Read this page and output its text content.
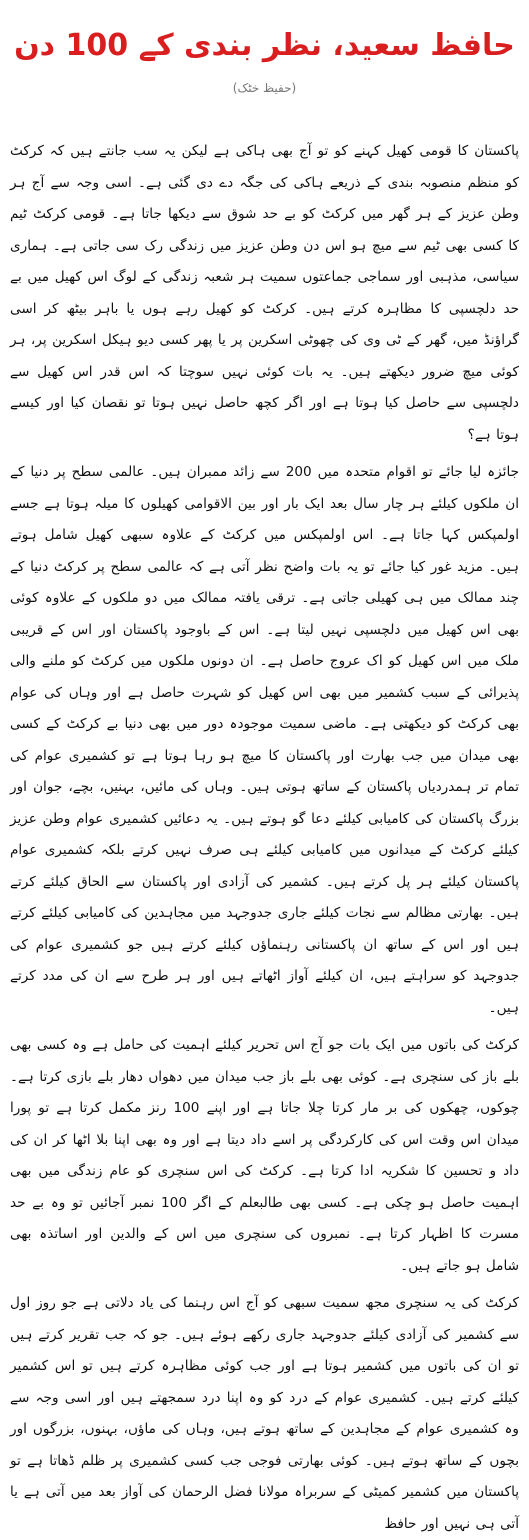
حافظ سعید، نظر بندی کے 100 دن
(حفیظ خٹک)

پاکستان کا قومی کھیل کہنے کو تو آج بھی ہاکی ہے لیکن یہ سب جانتے ہیں کہ کرکٹ کو منظم منصوبہ بندی کے ذریعے ہاکی کی جگہ دے دی گئی ہے۔ اسی وجہ سے آج ہر وطن عزیز کے ہر گھر میں کرکٹ کو بے حد شوق سے دیکھا جاتا ہے۔ قومی کرکٹ ٹیم کا کسی بھی ٹیم سے میچ ہو اس دن وطن عزیز میں زندگی رک سی جاتی ہے۔ ہماری سیاسی، مذہبی اور سماجی جماعتوں سمیت ہر شعبہ زندگی کے لوگ اس کھیل میں بے حد دلچسپی کا مظاہرہ کرتے ہیں۔ کرکٹ کو کھیل رہے ہوں یا باہر بیٹھ کر اسی گراؤنڈ میں، گھر کے ٹی وی کی چھوٹی اسکرین پر یا پھر کسی دیو ہیکل اسکرین پر، ہر کوئی میچ ضرور دیکھتے ہیں۔ یہ بات کوئی نہیں سوچتا کہ اس قدر اس کھیل سے دلچسپی سے حاصل کیا ہوتا ہے اور اگر کچھ حاصل نہیں ہوتا تو نقصان کیا اور کیسے ہوتا ہے؟

جائزہ لیا جائے تو اقوام متحدہ میں 200 سے زائد ممبران ہیں۔ عالمی سطح پر دنیا کے ان ملکوں کیلئے ہر چار سال بعد ایک بار اور بین الاقوامی کھیلوں کا میلہ ہوتا ہے جسے اولمپکس کہا جاتا ہے۔ اس اولمپکس میں کرکٹ کے علاوہ سبھی کھیل شامل ہوتے ہیں۔ مزید غور کیا جائے تو یہ بات واضح نظر آتی ہے کہ عالمی سطح پر کرکٹ دنیا کے چند ممالک میں ہی کھیلی جاتی ہے۔ ترقی یافتہ ممالک میں دو ملکوں کے علاوہ کوئی بھی اس کھیل میں دلچسپی نہیں لیتا ہے۔ اس کے باوجود پاکستان اور اس کے قریبی ملک میں اس کھیل کو اک عروج حاصل ہے۔ ان دونوں ملکوں میں کرکٹ کو ملنے والی پذیرائی کے سبب کشمیر میں بھی اس کھیل کو شہرت حاصل ہے اور وہاں کی عوام بھی کرکٹ کو دیکھتی ہے۔ ماضی سمیت موجودہ دور میں بھی دنیا بے کرکٹ کے کسی بھی میدان میں جب بھارت اور پاکستان کا میچ ہو رہا ہوتا ہے تو کشمیری عوام کی تمام تر ہمدردیاں پاکستان کے ساتھ ہوتی ہیں۔ وہاں کی مائیں، بہنیں، بچے، جوان اور بزرگ پاکستان کی کامیابی کیلئے دعا گو ہوتے ہیں۔ یہ دعائیں کشمیری عوام وطن عزیز کیلئے کرکٹ کے میدانوں میں کامیابی کیلئے ہی صرف نہیں کرتے بلکہ کشمیری عوام پاکستان کیلئے ہر پل کرتے ہیں۔ کشمیر کی آزادی اور پاکستان سے الحاق کیلئے کرتے ہیں۔ بھارتی مظالم سے نجات کیلئے جاری جدوجہد میں مجاہدین کی کامیابی کیلئے کرتے ہیں اور اس کے ساتھ ان پاکستانی رہنماؤں کیلئے کرتے ہیں جو کشمیری عوام کی جدوجہد کو سراہتے ہیں، ان کیلئے آواز اٹھاتے ہیں اور ہر طرح سے ان کی مدد کرتے ہیں۔

کرکٹ کی باتوں میں ایک بات جو آج اس تحریر کیلئے اہمیت کی حامل ہے وہ کسی بھی بلے باز کی سنچری ہے۔ کوئی بھی بلے باز جب میدان میں دھواں دھار بلے بازی کرتا ہے۔ چوکوں، چھکوں کی بر مار کرتا چلا جاتا ہے اور اپنے 100 رنز مکمل کرتا ہے تو پورا میدان اس وقت اس کی کارکردگی پر اسے داد دیتا ہے اور وہ بھی اپنا بلا اٹھا کر ان کی داد و تحسین کا شکریہ ادا کرتا ہے۔ کرکٹ کی اس سنچری کو عام زندگی میں بھی اہمیت حاصل ہو چکی ہے۔ کسی بھی طالبعلم کے اگر 100 نمبر آجائیں تو وہ بے حد مسرت کا اظہار کرتا ہے۔ نمبروں کی سنچری میں اس کے والدین اور اساتذہ بھی شامل ہو جاتے ہیں۔

کرکٹ کی یہ سنچری مجھ سمیت سبھی کو آج اس رہنما کی یاد دلاتی ہے جو روز اول سے کشمیر کی آزادی کیلئے جدوجہد جاری رکھے ہوئے ہیں۔ جو کہ جب تقریر کرتے ہیں تو ان کی باتوں میں کشمیر ہوتا ہے اور جب کوئی مظاہرہ کرتے ہیں تو اس کشمیر کیلئے کرتے ہیں۔ کشمیری عوام کے درد کو وہ اپنا درد سمجھتے ہیں اور اسی وجہ سے وہ کشمیری عوام کے مجاہدین کے ساتھ ہوتے ہیں، وہاں کی ماؤں، بہنوں، بزرگوں اور بچوں کے ساتھ ہوتے ہیں۔ کوئی بھارتی فوجی جب کسی کشمیری پر ظلم ڈھاتا ہے تو پاکستان میں کشمیر کمیٹی کے سربراہ مولانا فضل الرحمان کی آواز بعد میں آتی ہے یا آتی ہی نہیں اور حافظ
